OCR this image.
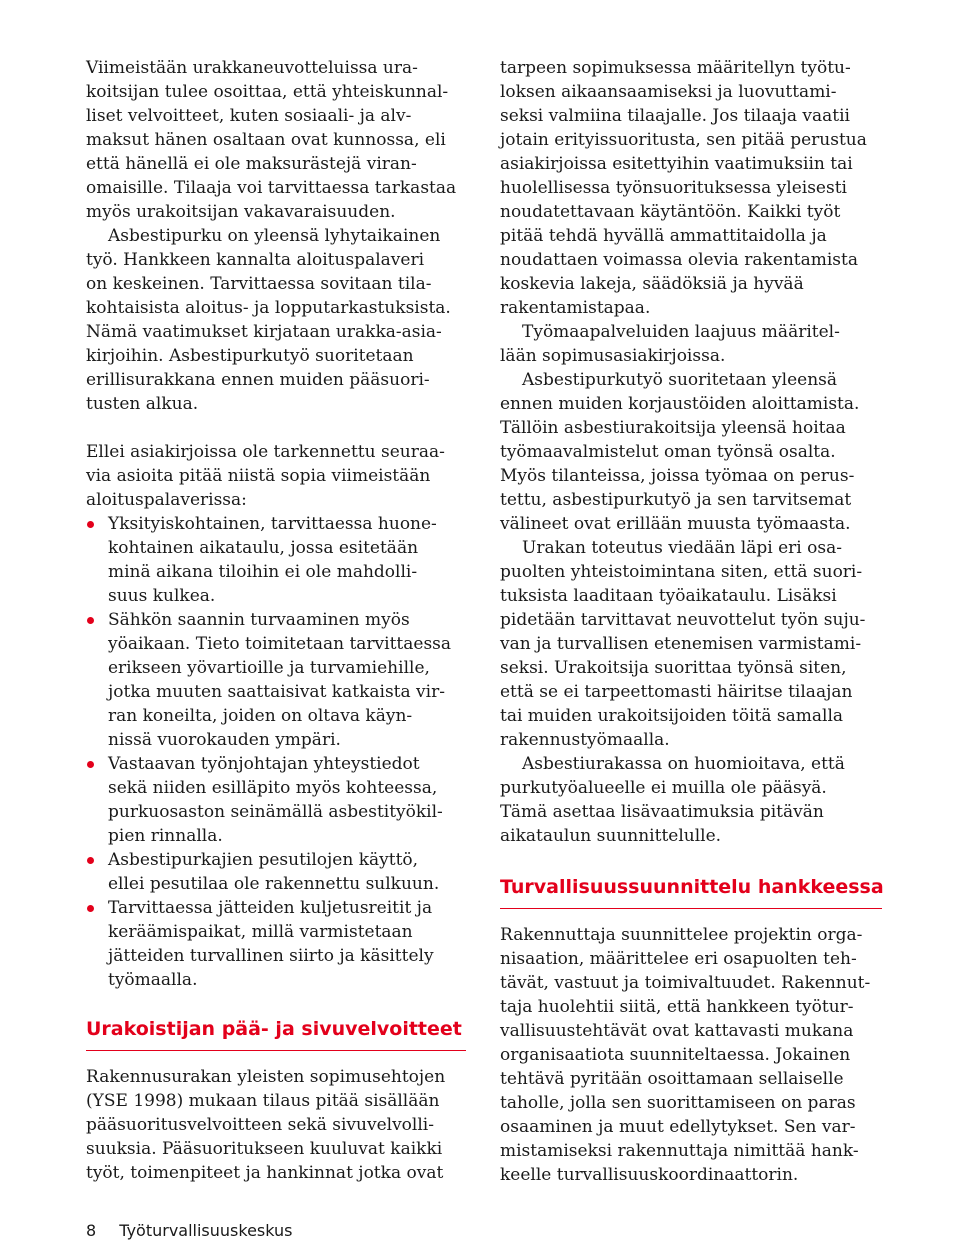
Viimeistään urakkaneuvotteluissa ura-
koitsijan tulee osoittaa, että yhteiskunnal-
liset velvoitteet, kuten sosiaali- ja alv-
maksut hänen osaltaan ovat kunnossa, eli
että hänellä ei ole maksurästejä viran-
omaisille. Tilaaja voi tarvittaessa tarkastaa
myös urakoitsijan vakavaraisuuden.
Asbestipurku on yleensä lyhytaikainen
työ. Hankkeen kannalta aloituspalaveri
on keskeinen. Tarvittaessa sovitaan tila-
kohtaisista aloitus- ja lopputarkastuksista.
Nämä vaatimukset kirjataan urakka-asia-
kirjoihin. Asbestipurkutyö suoritetaan
erillisurakkana ennen muiden pääsuori-
tusten alkua.
Ellei asiakirjoissa ole tarkennettu seuraa-
via asioita pitää niistä sopia viimeistään
aloituspalaverissa:
Yksityiskohtainen, tarvittaessa huone-
kohtainen aikataulu, jossa esitetään
minä aikana tiloihin ei ole mahdolli-
suus kulkea.
Sähkön saannin turvaaminen myös
yöaikaan. Tieto toimitetaan tarvittaessa
erikseen yövartioille ja turvamiehille,
jotka muuten saattaisivat katkaista vir-
ran koneilta, joiden on oltava käyn-
nissä vuorokauden ympäri.
Vastaavan työnjohtajan yhteystiedot
sekä niiden esilläpito myös kohteessa,
purkuosaston seinämällä asbestityökil-
pien rinnalla.
Asbestipurkajien pesutilojen käyttö,
ellei pesutilaa ole rakennettu sulkuun.
Tarvittaessa jätteiden kuljetusreitit ja
keräämispaikat, millä varmistetaan
jätteiden turvallinen siirto ja käsittely
työmaalla.
Urakoistijan pää- ja sivuvelvoitteet
Rakennusurakan yleisten sopimusehtojen
(YSE 1998) mukaan tilaus pitää sisällään
pääsuoritusvelvoitteen sekä sivuvelvolli-
suuksia. Pääsuoritukseen kuuluvat kaikki
työt, toimenpiteet ja hankinnat jotka ovat
tarpeen sopimuksessa määritellyn työtu-
loksen aikaansaamiseksi ja luovuttami-
seksi valmiina tilaajalle. Jos tilaaja vaatii
jotain erityissuoritusta, sen pitää perustua
asiakirjoissa esitettyihin vaatimuksiin tai
huolellisessa työnsuorituksessa yleisesti
noudatettavaan käytäntöön. Kaikki työt
pitää tehdä hyvällä ammattitaidolla ja
noudattaen voimassa olevia rakentamista
koskevia lakeja, säädöksiä ja hyvää
rakentamistapaa.
Työmaapalveluiden laajuus määritel-
lään sopimusasiakirjoissa.
Asbestipurkutyö suoritetaan yleensä
ennen muiden korjaustöiden aloittamista.
Tällöin asbestiurakoitsija yleensä hoitaa
työmaavalmistelut oman työnsä osalta.
Myös tilanteissa, joissa työmaa on perus-
tettu, asbestipurkutyö ja sen tarvitsemat
välineet ovat erillään muusta työmaasta.
Urakan toteutus viedään läpi eri osa-
puolten yhteistoimintana siten, että suori-
tuksista laaditaan työaikataulu. Lisäksi
pidetään tarvittavat neuvottelut työn suju-
van ja turvallisen etenemisen varmistami-
seksi. Urakoitsija suorittaa työnsä siten,
että se ei tarpeettomasti häiritse tilaajan
tai muiden urakoitsijoiden töitä samalla
rakennustyömaalla.
Asbestiurakassa on huomioitava, että
purkutyöalueelle ei muilla ole pääsyä.
Tämä asettaa lisävaatimuksia pitävän
aikataulun suunnittelulle.
Turvallisuussuunnittelu hankkeessa
Rakennuttaja suunnittelee projektin orga-
nisaation, määrittelee eri osapuolten teh-
tävät, vastuut ja toimivaltuudet. Rakennut-
taja huolehtii siitä, että hankkeen työtur-
vallisuustehtävät ovat kattavasti mukana
organisaatiota suunniteltaessa. Jokainen
tehtävä pyritään osoittamaan sellaiselle
taholle, jolla sen suorittamiseen on paras
osaaminen ja muut edellytykset. Sen var-
mistamiseksi rakennuttaja nimittää hank-
keelle turvallisuuskoordinaattorin.
8 Työturvallisuuskeskus
